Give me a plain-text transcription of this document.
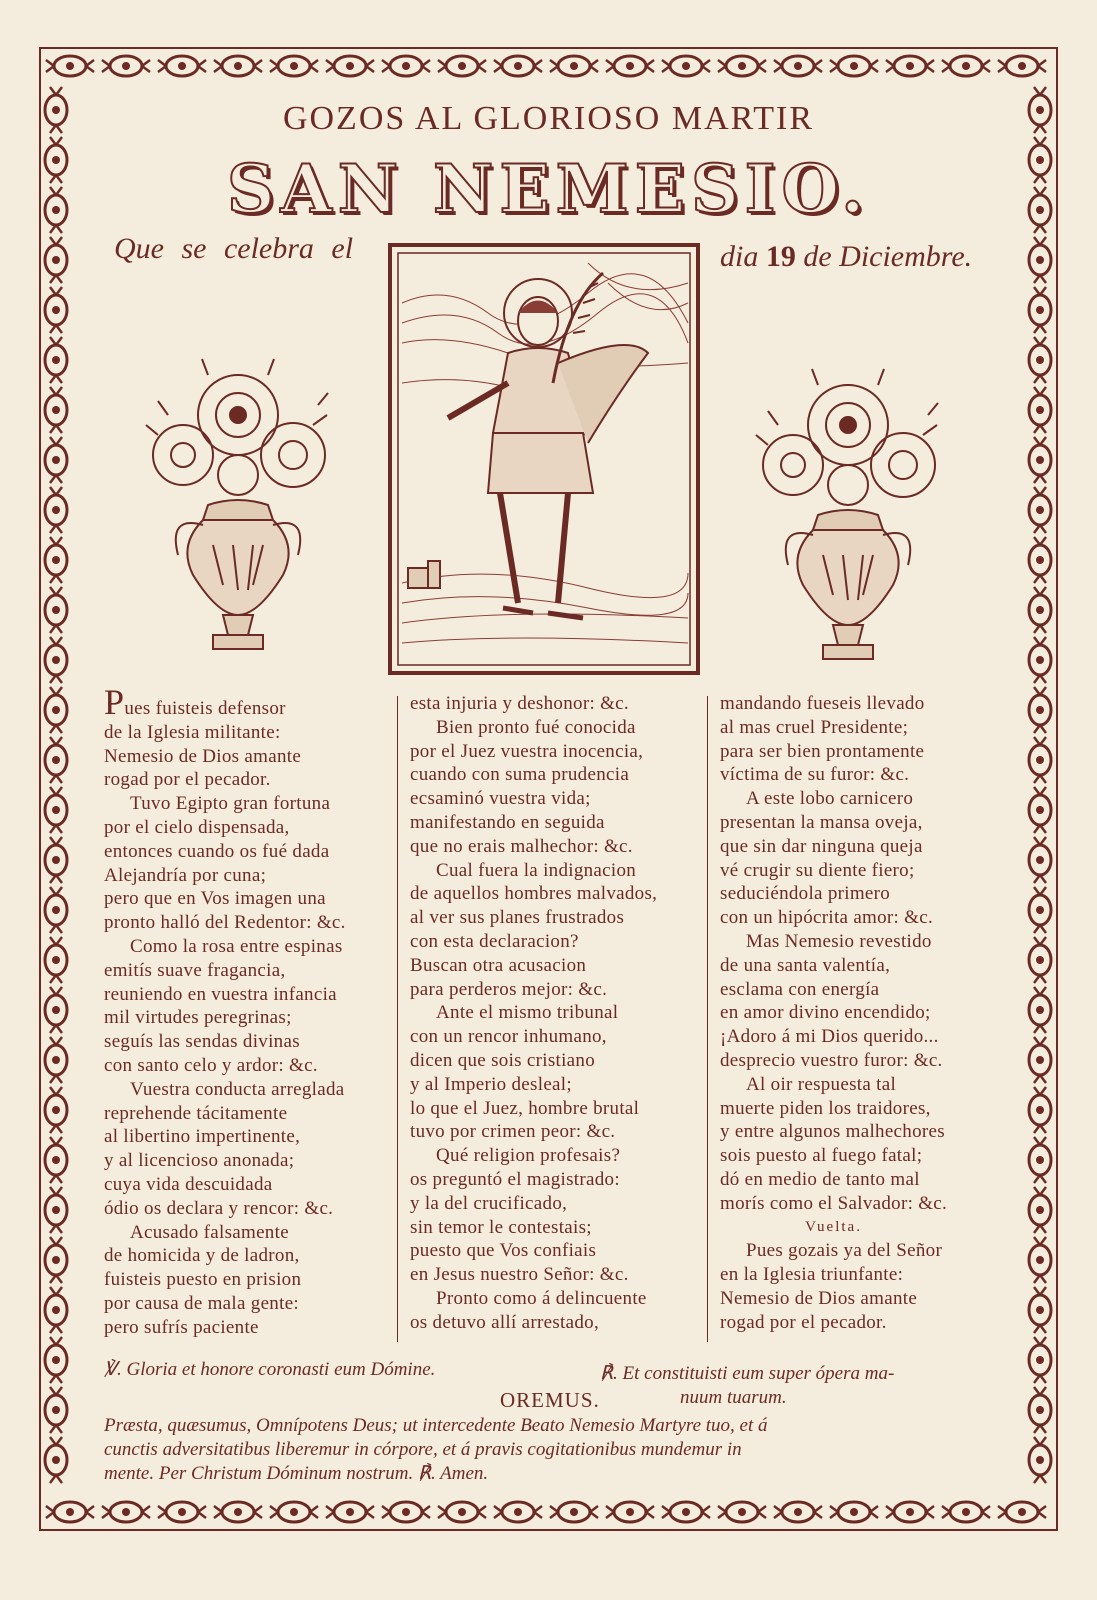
GOZOS AL GLORIOSO MARTIR
SAN NEMESIO.
Que se celebra el	dia 19 de Diciembre.
Pues fuisteis defensor
de la Iglesia militante:
Nemesio de Dios amante
rogad por el pecador.
Tuvo Egipto gran fortuna
por el cielo dispensada,
entonces cuando os fué dada
Alejandría por cuna;
pero que en Vos imagen una
pronto halló del Redentor: &c.
Como la rosa entre espinas
emitís suave fragancia,
reuniendo en vuestra infancia
mil virtudes peregrinas;
seguís las sendas divinas
con santo celo y ardor: &c.
Vuestra conducta arreglada
reprehende tácitamente
al libertino impertinente,
y al licencioso anonada;
cuya vida descuidada
ódio os declara y rencor: &c.
Acusado falsamente
de homicida y de ladron,
fuisteis puesto en prision
por causa de mala gente:
pero sufrís paciente
esta injuria y deshonor: &c.
Bien pronto fué conocida
por el Juez vuestra inocencia,
cuando con suma prudencia
ecsaminó vuestra vida;
manifestando en seguida
que no erais malhechor: &c.
Cual fuera la indignacion
de aquellos hombres malvados,
al ver sus planes frustrados
con esta declaracion?
Buscan otra acusacion
para perderos mejor: &c.
Ante el mismo tribunal
con un rencor inhumano,
dicen que sois cristiano
y al Imperio desleal;
lo que el Juez, hombre brutal
tuvo por crimen peor: &c.
Qué religion profesais?
os preguntó el magistrado:
y la del crucificado,
sin temor le contestais;
puesto que Vos confiais
en Jesus nuestro Señor: &c.
Pronto como á delincuente
os detuvo allí arrestado,
mandando fueseis llevado
al mas cruel Presidente;
para ser bien prontamente
víctima de su furor: &c.
A este lobo carnicero
presentan la mansa oveja,
que sin dar ninguna queja
vé crugir su diente fiero;
seduciéndola primero
con un hipócrita amor: &c.
Mas Nemesio revestido
de una santa valentía,
esclama con energía
en amor divino encendido;
¡Adoro á mi Dios querido...
desprecio vuestro furor: &c.
Al oir respuesta tal
muerte piden los traidores,
y entre algunos malhechores
sois puesto al fuego fatal;
dó en medio de tanto mal
morís como el Salvador: &c.
Vuelta.
Pues gozais ya del Señor
en la Iglesia triunfante:
Nemesio de Dios amante
rogad por el pecador.
℣. Gloria et honore coronasti eum Dómine.	℟. Et constituisti eum super ópera ma-
nuum tuarum.
OREMUS.
Præsta, quæsumus, Omnípotens Deus; ut intercedente Beato Nemesio Martyre tuo, et á
cunctis adversitatibus liberemur in córpore, et á pravis cogitationibus mundemur in
mente. Per Christum Dóminum nostrum. ℟. Amen.
